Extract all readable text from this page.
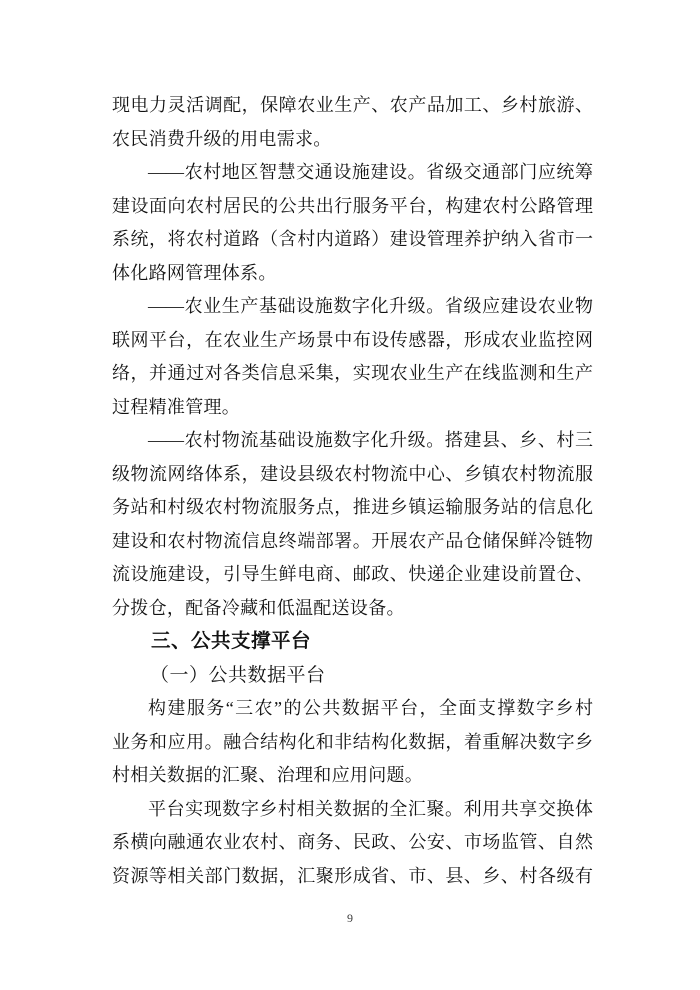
现电力灵活调配，保障农业生产、农产品加工、乡村旅游、
农民消费升级的用电需求。
——农村地区智慧交通设施建设。省级交通部门应统筹
建设面向农村居民的公共出行服务平台，构建农村公路管理
系统，将农村道路（含村内道路）建设管理养护纳入省市一
体化路网管理体系。
——农业生产基础设施数字化升级。省级应建设农业物
联网平台，在农业生产场景中布设传感器，形成农业监控网
络，并通过对各类信息采集，实现农业生产在线监测和生产
过程精准管理。
——农村物流基础设施数字化升级。搭建县、乡、村三
级物流网络体系，建设县级农村物流中心、乡镇农村物流服
务站和村级农村物流服务点，推进乡镇运输服务站的信息化
建设和农村物流信息终端部署。开展农产品仓储保鲜冷链物
流设施建设，引导生鲜电商、邮政、快递企业建设前置仓、
分拨仓，配备冷藏和低温配送设备。
三、公共支撑平台
（一）公共数据平台
构建服务“三农”的公共数据平台，全面支撑数字乡村
业务和应用。融合结构化和非结构化数据，着重解决数字乡
村相关数据的汇聚、治理和应用问题。
平台实现数字乡村相关数据的全汇聚。利用共享交换体
系横向融通农业农村、商务、民政、公安、市场监管、自然
资源等相关部门数据，汇聚形成省、市、县、乡、村各级有
9
